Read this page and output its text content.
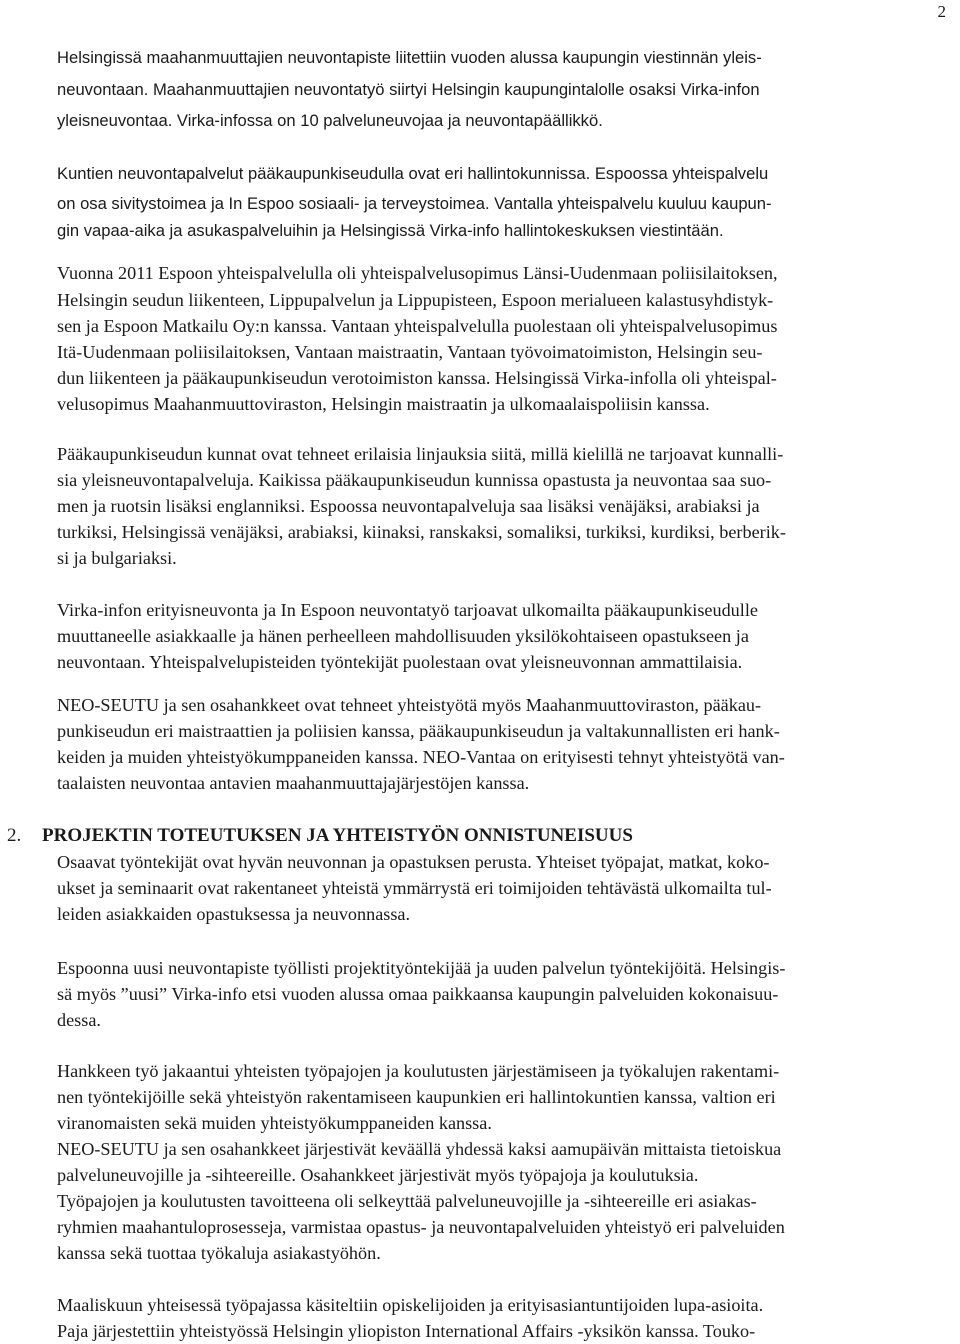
2

Helsingissä maahanmuuttajien neuvontapiste liitettiin vuoden alussa kaupungin viestinnän yleis-

neuvontaan. Maahanmuuttajien neuvontatyö siirtyi Helsingin kaupungintalolle osaksi Virka-infon

yleisneuvontaa. Virka-infossa on 10 palveluneuvojaa ja neuvontapäällikkö.

Kuntien neuvontapalvelut pääkaupunkiseudulla ovat eri hallintokunnissa. Espoossa yhteispalvelu

on osa sivitystoimea ja In Espoo sosiaali- ja terveystoimea. Vantalla yhteispalvelu kuuluu kaupun-

gin vapaa-aika ja asukaspalveluihin ja Helsingissä Virka-info hallintokeskuksen viestintään.

Vuonna 2011 Espoon yhteispalvelulla oli yhteispalvelusopimus Länsi-Uudenmaan poliisilaitoksen,

Helsingin seudun liikenteen, Lippupalvelun ja Lippupisteen, Espoon merialueen kalastusyhdistyk-

sen ja Espoon Matkailu Oy:n kanssa. Vantaan yhteispalvelulla puolestaan oli yhteispalvelusopimus

Itä-Uudenmaan poliisilaitoksen, Vantaan maistraatin, Vantaan työvoimatoimiston, Helsingin seu-

dun liikenteen ja pääkaupunkiseudun verotoimiston kanssa. Helsingissä Virka-infolla oli yhteispal-

velusopimus Maahanmuuttoviraston, Helsingin maistraatin ja ulkomaalaispoliisin kanssa.

Pääkaupunkiseudun kunnat ovat tehneet erilaisia linjauksia siitä, millä kielillä ne tarjoavat kunnalli-

sia yleisneuvontapalveluja. Kaikissa pääkaupunkiseudun kunnissa opastusta ja neuvontaa saa suo-

men ja ruotsin lisäksi englanniksi. Espoossa neuvontapalveluja saa lisäksi venäjäksi, arabiaksi ja

turkiksi, Helsingissä venäjäksi, arabiaksi, kiinaksi, ranskaksi, somaliksi, turkiksi, kurdiksi, berberik-

si ja bulgariaksi.

Virka-infon erityisneuvonta ja In Espoon neuvontatyö tarjoavat ulkomailta pääkaupunkiseudulle

muuttaneelle asiakkaalle ja hänen perheelleen mahdollisuuden yksilökohtaiseen opastukseen ja

neuvontaan. Yhteispalvelupisteiden työntekijät puolestaan ovat yleisneuvonnan ammattilaisia.

NEO-SEUTU ja sen osahankkeet ovat tehneet yhteistyötä myös Maahanmuuttoviraston, pääkau-

punkiseudun eri maistraattien ja poliisien kanssa, pääkaupunkiseudun ja valtakunnallisten eri hank-

keiden ja muiden yhteistyökumppaneiden kanssa. NEO-Vantaa on erityisesti tehnyt yhteistyötä van-

taalaisten neuvontaa antavien maahanmuuttajajärjestöjen kanssa.

2. PROJEKTIN TOTEUTUKSEN JA YHTEISTYÖN ONNISTUNEISUUS

Osaavat työntekijät ovat hyvän neuvonnan ja opastuksen perusta. Yhteiset työpajat, matkat, koko-

ukset ja seminaarit ovat rakentaneet yhteistä ymmärrystä eri toimijoiden tehtävästä ulkomailta tul-

leiden asiakkaiden opastuksessa ja neuvonnassa.

Espoonna uusi neuvontapiste työllisti projektityöntekijää ja uuden palvelun työntekijöitä. Helsingis-

sä myös ”uusi” Virka-info etsi vuoden alussa omaa paikkaansa kaupungin palveluiden kokonaisuu-

dessa.

Hankkeen työ jakaantui yhteisten työpajojen ja koulutusten järjestämiseen ja työkalujen rakentami-

nen työntekijöille sekä yhteistyön rakentamiseen kaupunkien eri hallintokuntien kanssa, valtion eri

viranomaisten sekä muiden yhteistyökumppaneiden kanssa.

NEO-SEUTU ja sen osahankkeet järjestivät keväällä yhdessä kaksi aamupäivän mittaista tietoiskua

palveluneuvojille ja -sihteereille. Osahankkeet järjestivät myös työpajoja ja koulutuksia.

Työpajojen ja koulutusten tavoitteena oli selkeyttää palveluneuvojille ja -sihteereille eri asiakas-

ryhmien maahantuloprosesseja, varmistaa opastus- ja neuvontapalveluiden yhteistyö eri palveluiden

kanssa sekä tuottaa työkaluja asiakastyöhön.

Maaliskuun yhteisessä työpajassa käsiteltiin opiskelijoiden ja erityisasiantuntijoiden lupa-asioita.

Paja järjestettiin yhteistyössä Helsingin yliopiston International Affairs -yksikön kanssa. Touko-
